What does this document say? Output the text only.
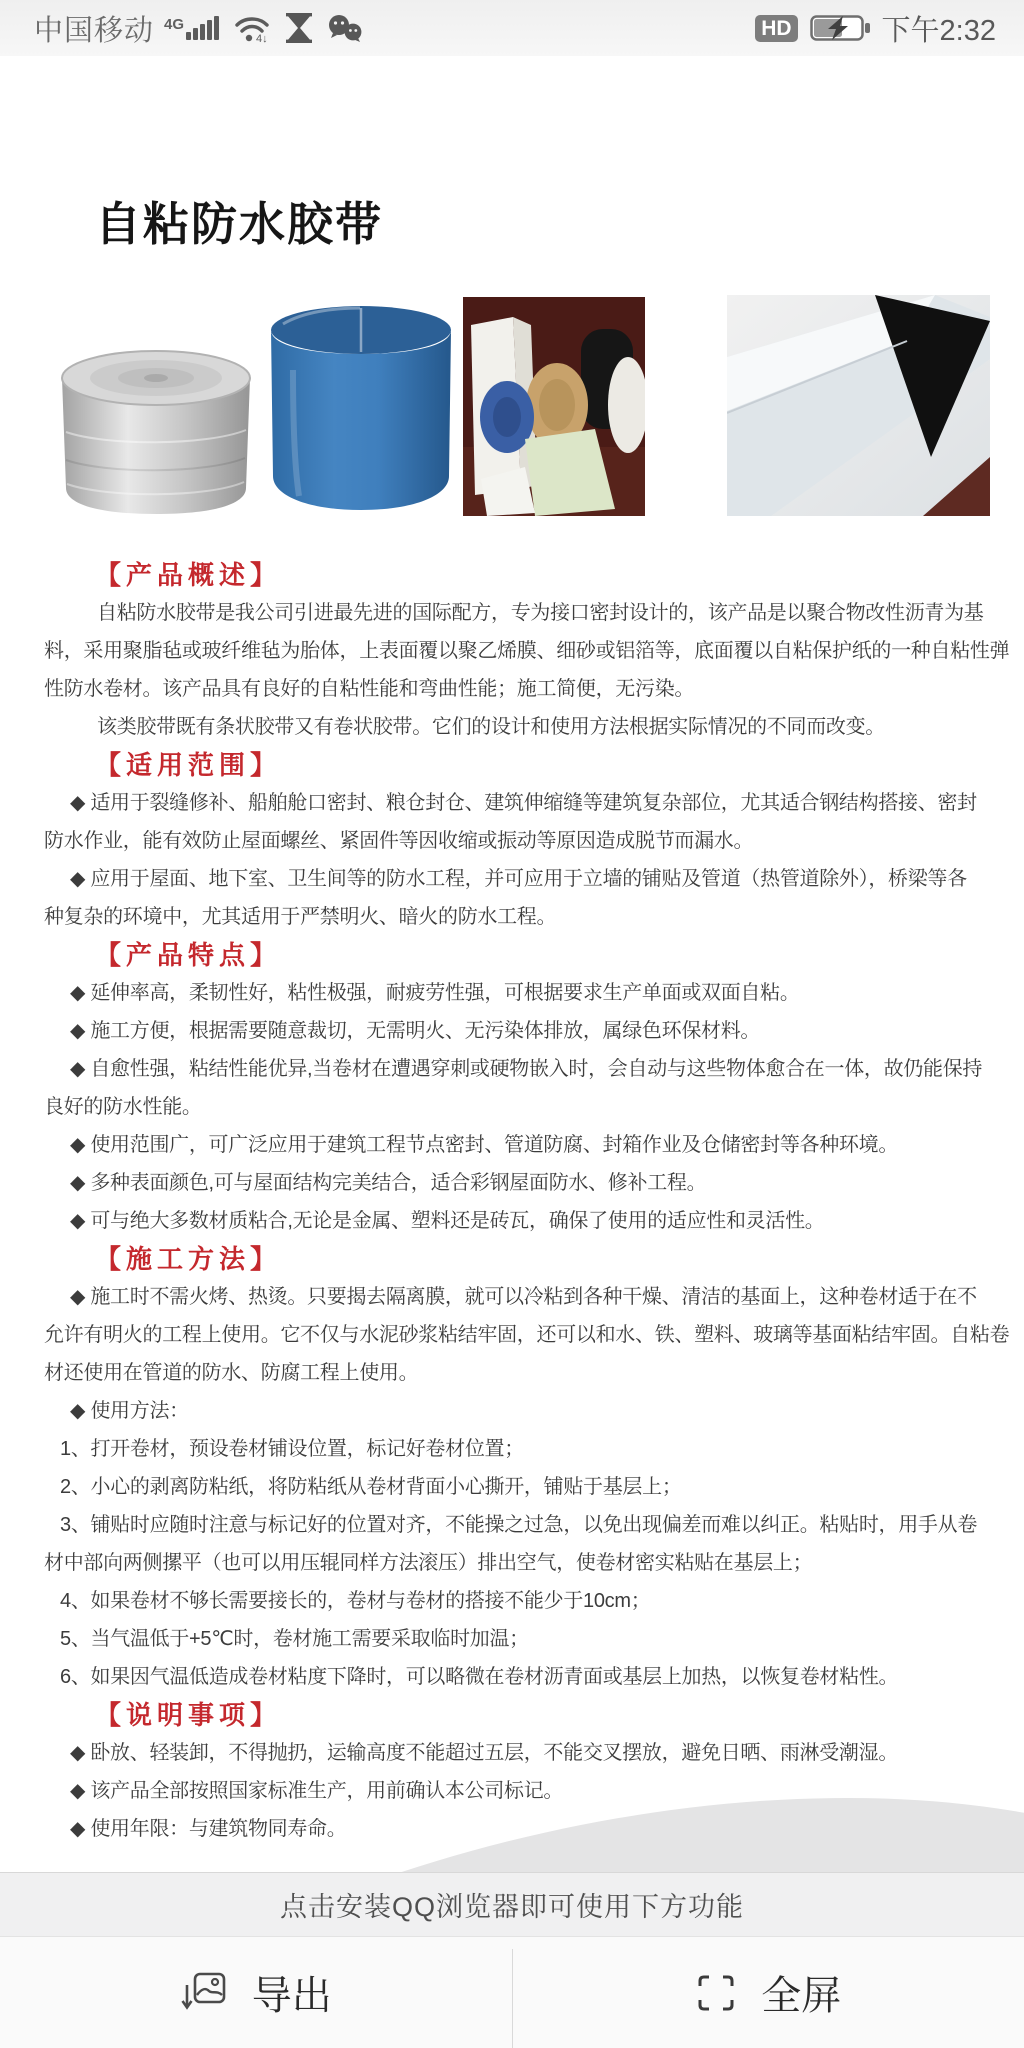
中国移动 4G
4↓	HD	下午2:32
自粘防水胶带
【产品概述】
自粘防水胶带是我公司引进最先进的国际配方，专为接口密封设计的，该产品是以聚合物改性沥青为基
料，采用聚脂毡或玻纤维毡为胎体，上表面覆以聚乙烯膜、细砂或铝箔等，底面覆以自粘保护纸的一种自粘性弹
性防水卷材。该产品具有良好的自粘性能和弯曲性能；施工简便，无污染。
该类胶带既有条状胶带又有卷状胶带。它们的设计和使用方法根据实际情况的不同而改变。
【适用范围】
◆ 适用于裂缝修补、船舶舱口密封、粮仓封仓、建筑伸缩缝等建筑复杂部位，尤其适合钢结构搭接、密封
防水作业，能有效防止屋面螺丝、紧固件等因收缩或振动等原因造成脱节而漏水。
◆ 应用于屋面、地下室、卫生间等的防水工程，并可应用于立墙的铺贴及管道（热管道除外），桥梁等各
种复杂的环境中，尤其适用于严禁明火、暗火的防水工程。
【产品特点】
◆ 延伸率高，柔韧性好，粘性极强，耐疲劳性强，可根据要求生产单面或双面自粘。
◆ 施工方便，根据需要随意裁切，无需明火、无污染体排放，属绿色环保材料。
◆ 自愈性强，粘结性能优异,当卷材在遭遇穿刺或硬物嵌入时，会自动与这些物体愈合在一体，故仍能保持
良好的防水性能。
◆ 使用范围广，可广泛应用于建筑工程节点密封、管道防腐、封箱作业及仓储密封等各种环境。
◆ 多种表面颜色,可与屋面结构完美结合，适合彩钢屋面防水、修补工程。
◆ 可与绝大多数材质粘合,无论是金属、塑料还是砖瓦，确保了使用的适应性和灵活性。
【施工方法】
◆ 施工时不需火烤、热烫。只要揭去隔离膜，就可以冷粘到各种干燥、清洁的基面上，这种卷材适于在不
允许有明火的工程上使用。它不仅与水泥砂浆粘结牢固，还可以和水、铁、塑料、玻璃等基面粘结牢固。自粘卷
材还使用在管道的防水、防腐工程上使用。
◆ 使用方法：
1、打开卷材，预设卷材铺设位置，标记好卷材位置；
2、小心的剥离防粘纸，将防粘纸从卷材背面小心撕开，铺贴于基层上；
3、铺贴时应随时注意与标记好的位置对齐，不能操之过急，以免出现偏差而难以纠正。粘贴时，用手从卷
材中部向两侧摞平（也可以用压辊同样方法滚压）排出空气，使卷材密实粘贴在基层上；
4、如果卷材不够长需要接长的，卷材与卷材的搭接不能少于10cm；
5、当气温低于+5℃时，卷材施工需要采取临时加温；
6、如果因气温低造成卷材粘度下降时，可以略微在卷材沥青面或基层上加热，以恢复卷材粘性。
【说明事项】
◆ 卧放、轻装卸，不得抛扔，运输高度不能超过五层，不能交叉摆放，避免日晒、雨淋受潮湿。
◆ 该产品全部按照国家标准生产，用前确认本公司标记。
◆ 使用年限：与建筑物同寿命。
点击安装QQ浏览器即可使用下方功能
导出	全屏
